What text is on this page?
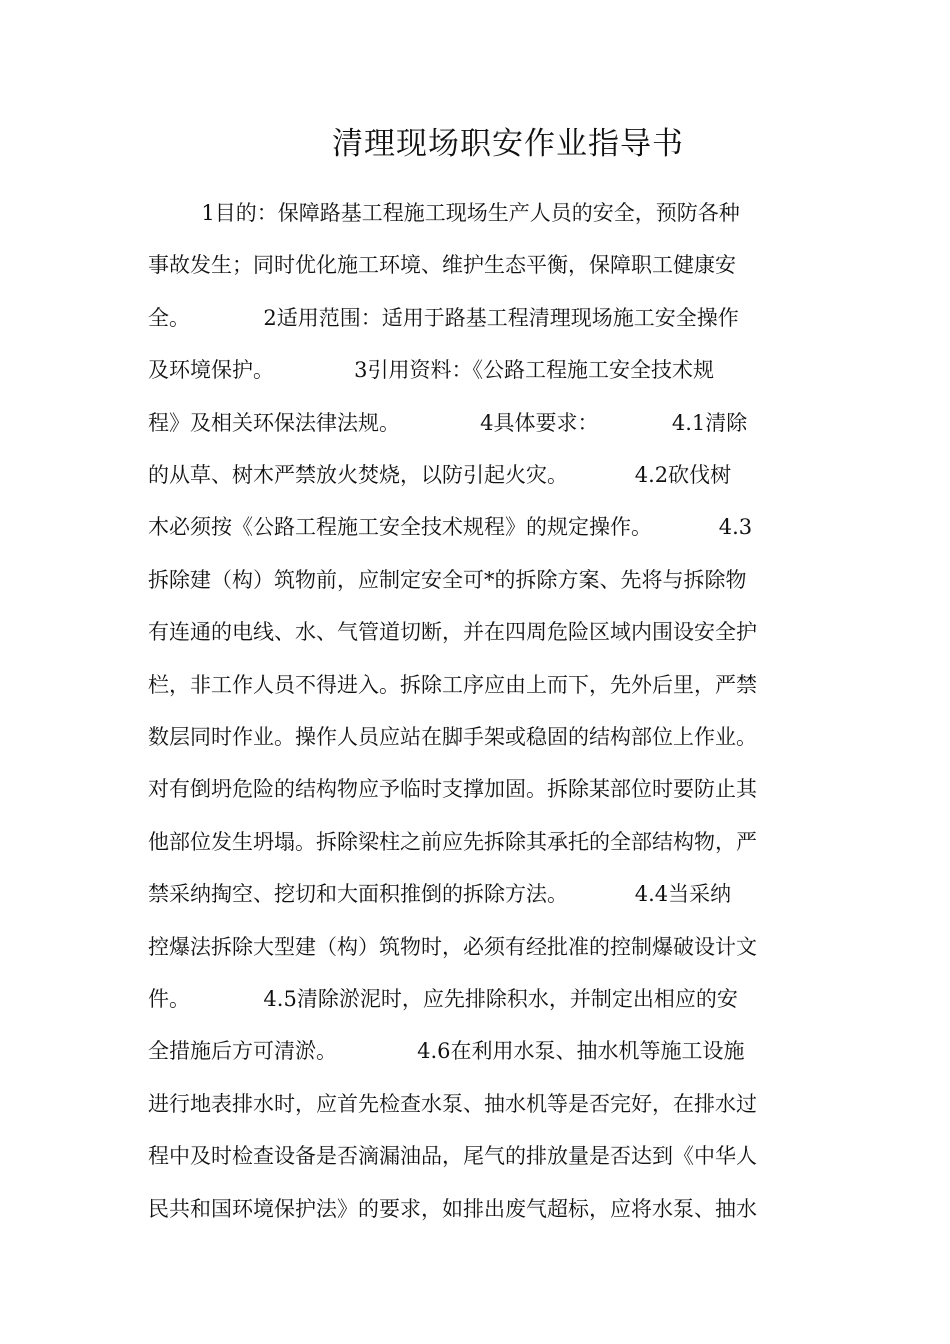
清理现场职安作业指导书
1目的：保障路基工程施工现场生产人员的安全，预防各种
事故发生；同时优化施工环境、维护生态平衡，保障职工健康安
全。           2适用范围：适用于路基工程清理现场施工安全操作
及环境保护。            3引用资料：《公路工程施工安全技术规
程》及相关环保法律法规。            4具体要求：           4.1清除
的从草、树木严禁放火焚烧，以防引起火灾。          4.2砍伐树
木必须按《公路工程施工安全技术规程》的规定操作。          4.3
拆除建（构）筑物前，应制定安全可*的拆除方案、先将与拆除物
有连通的电线、水、气管道切断，并在四周危险区域内围设安全护
栏，非工作人员不得进入。拆除工序应由上而下，先外后里，严禁
数层同时作业。操作人员应站在脚手架或稳固的结构部位上作业。
对有倒坍危险的结构物应予临时支撑加固。拆除某部位时要防止其
他部位发生坍塌。拆除梁柱之前应先拆除其承托的全部结构物，严
禁采纳掏空、挖切和大面积推倒的拆除方法。          4.4当采纳
控爆法拆除大型建（构）筑物时，必须有经批准的控制爆破设计文
件。           4.5清除淤泥时，应先排除积水，并制定出相应的安
全措施后方可清淤。            4.6在利用水泵、抽水机等施工设施
进行地表排水时，应首先检查水泵、抽水机等是否完好，在排水过
程中及时检查设备是否滴漏油品，尾气的排放量是否达到《中华人
民共和国环境保护法》的要求，如排出废气超标，应将水泵、抽水
